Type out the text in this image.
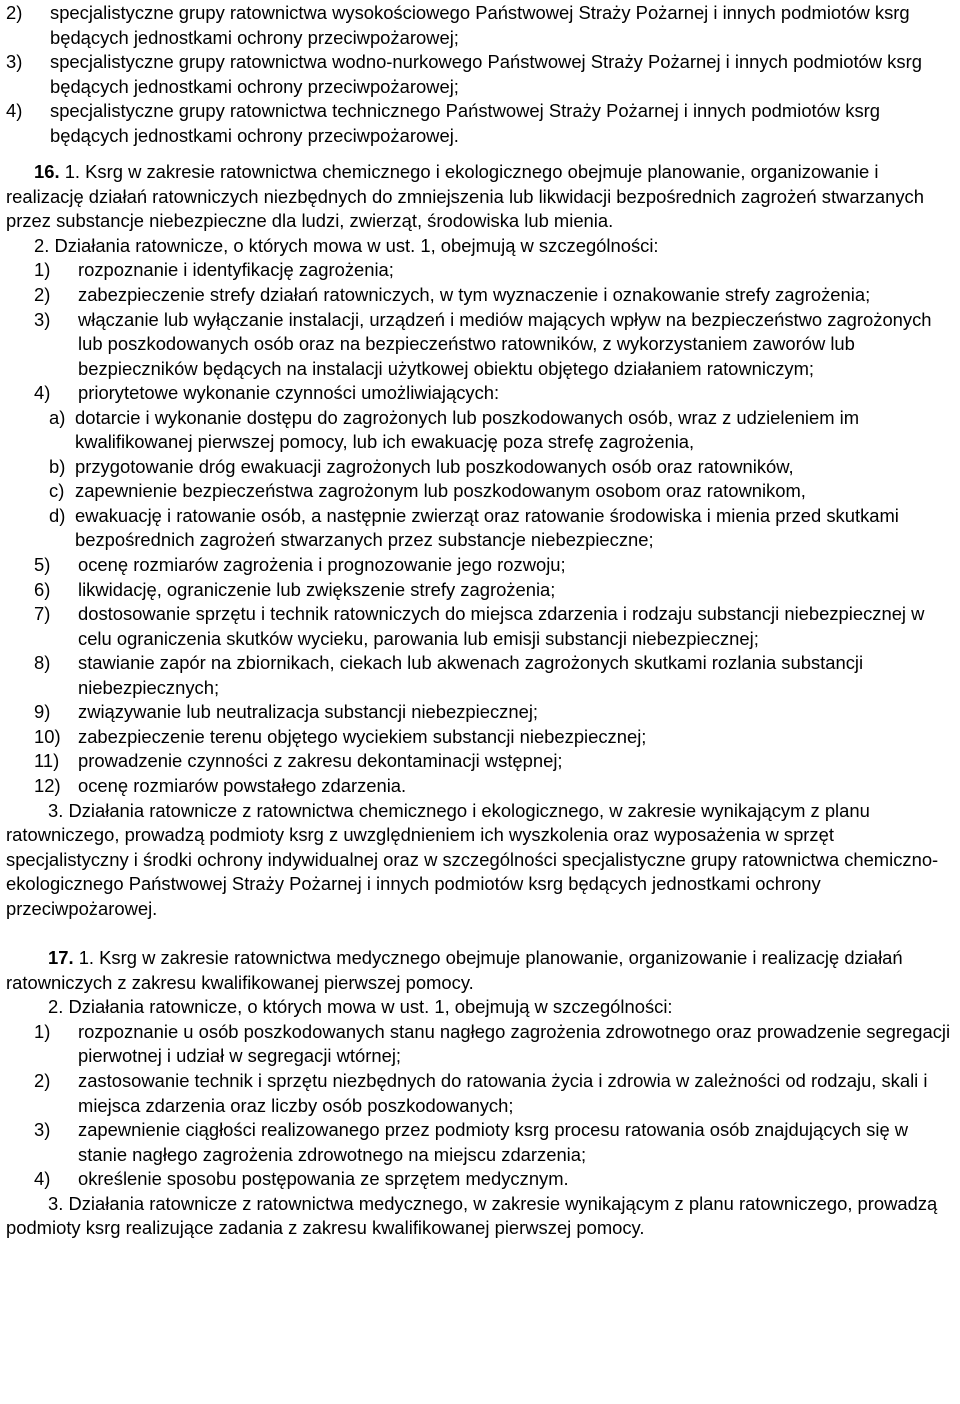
2)	specjalistyczne grupy ratownictwa wysokościowego Państwowej Straży Pożarnej i innych podmiotów ksrg będących jednostkami ochrony przeciwpożarowej;
3)	specjalistyczne grupy ratownictwa wodno-nurkowego Państwowej Straży Pożarnej i innych podmiotów ksrg będących jednostkami ochrony przeciwpożarowej;
4)	specjalistyczne grupy ratownictwa technicznego Państwowej Straży Pożarnej i innych podmiotów ksrg będących jednostkami ochrony przeciwpożarowej.
16. 1. Ksrg w zakresie ratownictwa chemicznego i ekologicznego obejmuje planowanie, organizowanie i realizację działań ratowniczych niezbędnych do zmniejszenia lub likwidacji bezpośrednich zagrożeń stwarzanych przez substancje niebezpieczne dla ludzi, zwierząt, środowiska lub mienia.
2. Działania ratownicze, o których mowa w ust. 1, obejmują w szczególności:
1)	rozpoznanie i identyfikację zagrożenia;
2)	zabezpieczenie strefy działań ratowniczych, w tym wyznaczenie i oznakowanie strefy zagrożenia;
3)	włączanie lub wyłączanie instalacji, urządzeń i mediów mających wpływ na bezpieczeństwo zagrożonych lub poszkodowanych osób oraz na bezpieczeństwo ratowników, z wykorzystaniem zaworów lub bezpieczników będących na instalacji użytkowej obiektu objętego działaniem ratowniczym;
4)	priorytetowe wykonanie czynności umożliwiających:
a) dotarcie i wykonanie dostępu do zagrożonych lub poszkodowanych osób, wraz z udzieleniem im kwalifikowanej pierwszej pomocy, lub ich ewakuację poza strefę zagrożenia,
b) przygotowanie dróg ewakuacji zagrożonych lub poszkodowanych osób oraz ratowników,
c) zapewnienie bezpieczeństwa zagrożonym lub poszkodowanym osobom oraz ratownikom,
d) ewakuację i ratowanie osób, a następnie zwierząt oraz ratowanie środowiska i mienia przed skutkami bezpośrednich zagrożeń stwarzanych przez substancje niebezpieczne;
5)	ocenę rozmiarów zagrożenia i prognozowanie jego rozwoju;
6)	likwidację, ograniczenie lub zwiększenie strefy zagrożenia;
7)	dostosowanie sprzętu i technik ratowniczych do miejsca zdarzenia i rodzaju substancji niebezpiecznej w celu ograniczenia skutków wycieku, parowania lub emisji substancji niebezpiecznej;
8)	stawianie zapór na zbiornikach, ciekach lub akwenach zagrożonych skutkami rozlania substancji niebezpiecznych;
9)	związywanie lub neutralizacja substancji niebezpiecznej;
10) zabezpieczenie terenu objętego wyciekiem substancji niebezpiecznej;
11)	prowadzenie czynności z zakresu dekontaminacji wstępnej;
12) ocenę rozmiarów powstałego zdarzenia.
3. Działania ratownicze z ratownictwa chemicznego i ekologicznego, w zakresie wynikającym z planu ratowniczego, prowadzą podmioty ksrg z uwzględnieniem ich wyszkolenia oraz wyposażenia w sprzęt specjalistyczny i środki ochrony indywidualnej oraz w szczególności specjalistyczne grupy ratownictwa chemiczno-ekologicznego Państwowej Straży Pożarnej i innych podmiotów ksrg będących jednostkami ochrony przeciwpożarowej.
17. 1. Ksrg w zakresie ratownictwa medycznego obejmuje planowanie, organizowanie i realizację działań ratowniczych z zakresu kwalifikowanej pierwszej pomocy.
2. Działania ratownicze, o których mowa w ust. 1, obejmują w szczególności:
1)	rozpoznanie u osób poszkodowanych stanu nagłego zagrożenia zdrowotnego oraz prowadzenie segregacji pierwotnej i udział w segregacji wtórnej;
2)	zastosowanie technik i sprzętu niezbędnych do ratowania życia i zdrowia w zależności od rodzaju, skali i miejsca zdarzenia oraz liczby osób poszkodowanych;
3)	zapewnienie ciągłości realizowanego przez podmioty ksrg procesu ratowania osób znajdujących się w stanie nagłego zagrożenia zdrowotnego na miejscu zdarzenia;
4)	określenie sposobu postępowania ze sprzętem medycznym.
3. Działania ratownicze z ratownictwa medycznego, w zakresie wynikającym z planu ratowniczego, prowadzą podmioty ksrg realizujące zadania z zakresu kwalifikowanej pierwszej pomocy.
